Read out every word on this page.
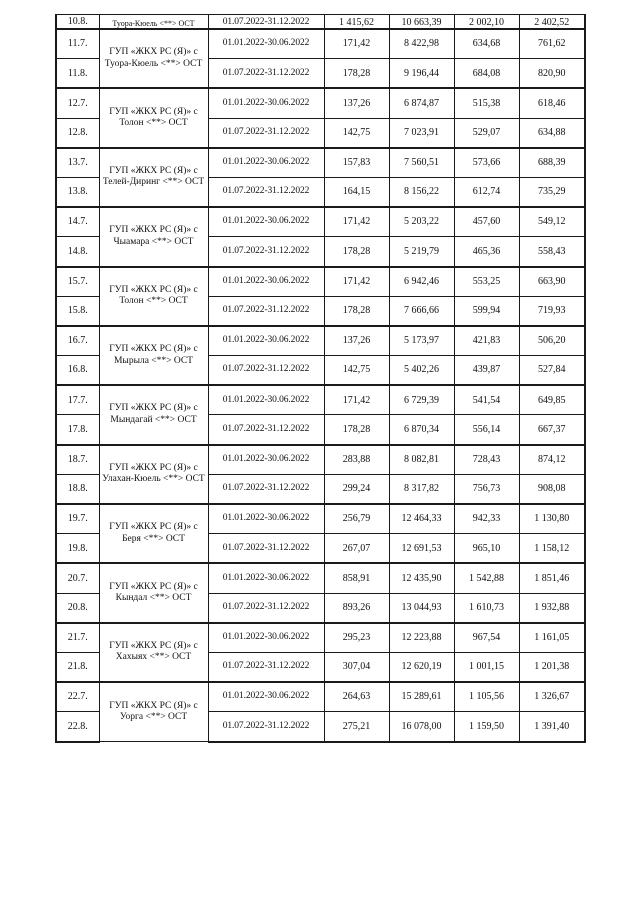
10.8.	Туора-Кюель <**> ОСТ	01.07.2022-31.12.2022	1 415,62	10 663,39	2 002,10	2 402,52
11.7.	ГУП «ЖКХ РС (Я)» с Туора-Кюель <**> ОСТ	01.01.2022-30.06.2022	171,42	8 422,98	634,68	761,62
11.8.		01.07.2022-31.12.2022	178,28	9 196,44	684,08	820,90
12.7.	ГУП «ЖКХ РС (Я)» с Толон <**> ОСТ	01.01.2022-30.06.2022	137,26	6 874,87	515,38	618,46
12.8.		01.07.2022-31.12.2022	142,75	7 023,91	529,07	634,88
13.7.	ГУП «ЖКХ РС (Я)» с Телей-Диринг <**> ОСТ	01.01.2022-30.06.2022	157,83	7 560,51	573,66	688,39
13.8.		01.07.2022-31.12.2022	164,15	8 156,22	612,74	735,29
14.7.	ГУП «ЖКХ РС (Я)» с Чыамара <**> ОСТ	01.01.2022-30.06.2022	171,42	5 203,22	457,60	549,12
14.8.		01.07.2022-31.12.2022	178,28	5 219,79	465,36	558,43
15.7.	ГУП «ЖКХ РС (Я)» с Толон <**> ОСТ	01.01.2022-30.06.2022	171,42	6 942,46	553,25	663,90
15.8.		01.07.2022-31.12.2022	178,28	7 666,66	599,94	719,93
16.7.	ГУП «ЖКХ РС (Я)» с Мырыла <**> ОСТ	01.01.2022-30.06.2022	137,26	5 173,97	421,83	506,20
16.8.		01.07.2022-31.12.2022	142,75	5 402,26	439,87	527,84
17.7.	ГУП «ЖКХ РС (Я)» с Мындагай <**> ОСТ	01.01.2022-30.06.2022	171,42	6 729,39	541,54	649,85
17.8.		01.07.2022-31.12.2022	178,28	6 870,34	556,14	667,37
18.7.	ГУП «ЖКХ РС (Я)» с Улахан-Кюель <**> ОСТ	01.01.2022-30.06.2022	283,88	8 082,81	728,43	874,12
18.8.		01.07.2022-31.12.2022	299,24	8 317,82	756,73	908,08
19.7.	ГУП «ЖКХ РС (Я)» с Беря <**> ОСТ	01.01.2022-30.06.2022	256,79	12 464,33	942,33	1 130,80
19.8.		01.07.2022-31.12.2022	267,07	12 691,53	965,10	1 158,12
20.7.	ГУП «ЖКХ РС (Я)» с Кындал <**> ОСТ	01.01.2022-30.06.2022	858,91	12 435,90	1 542,88	1 851,46
20.8.		01.07.2022-31.12.2022	893,26	13 044,93	1 610,73	1 932,88
21.7.	ГУП «ЖКХ РС (Я)» с Хахыях <**> ОСТ	01.01.2022-30.06.2022	295,23	12 223,88	967,54	1 161,05
21.8.		01.07.2022-31.12.2022	307,04	12 620,19	1 001,15	1 201,38
22.7.	ГУП «ЖКХ РС (Я)» с Уорга <**> ОСТ	01.01.2022-30.06.2022	264,63	15 289,61	1 105,56	1 326,67
22.8.		01.07.2022-31.12.2022	275,21	16 078,00	1 159,50	1 391,40
